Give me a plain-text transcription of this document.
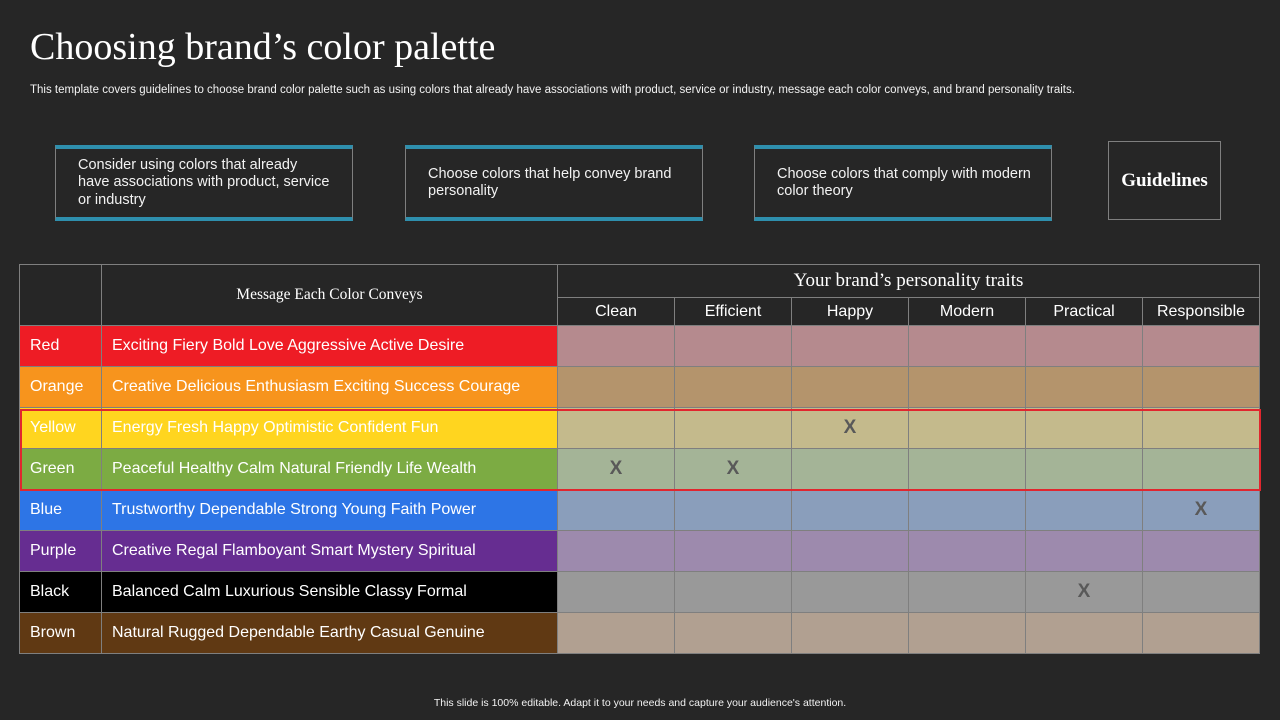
Choosing brand’s color palette

This template covers guidelines to choose brand color palette such as using colors that already have associations with product, service or industry, message each color conveys, and brand personality traits.

Consider using colors that already have associations with product, service or industry
Choose colors that help convey brand personality
Choose colors that comply with modern color theory
Guidelines
	Message Each Color Conveys	Your brand’s personality traits					
		Clean	Efficient	Happy	Modern	Practical	Responsible
Red	Exciting Fiery Bold Love Aggressive Active Desire						
Orange	Creative Delicious Enthusiasm Exciting Success Courage						
Yellow	Energy Fresh Happy Optimistic Confident Fun			X			
Green	Peaceful Healthy Calm Natural Friendly Life Wealth	X	X				
Blue	Trustworthy Dependable Strong Young Faith Power						X
Purple	Creative Regal Flamboyant Smart Mystery Spiritual						
Black	Balanced Calm Luxurious Sensible Classy Formal					X	
Brown	Natural Rugged Dependable Earthy Casual Genuine						

This slide is 100% editable. Adapt it to your needs and capture your audience's attention.
